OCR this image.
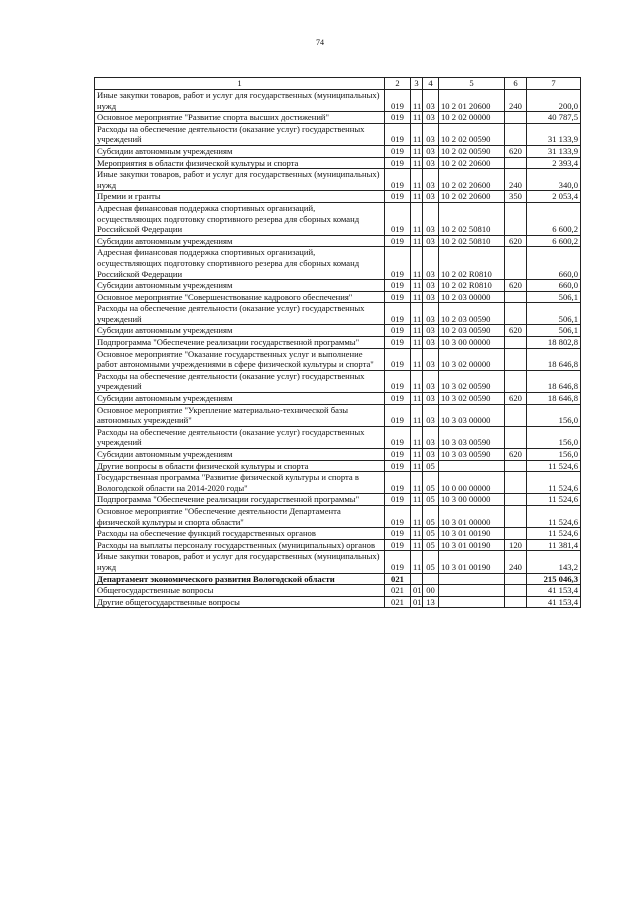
74
1	2	3	4	5	6	7
Иные закупки товаров, работ и услуг для государственных (муниципальных) нужд	019	11	03	10 2 01 20600	240	200,0
Основное мероприятие "Развитие спорта высших достижений"	019	11	03	10 2 02 00000		40 787,5
Расходы на обеспечение деятельности (оказание услуг) государственных учреждений	019	11	03	10 2 02 00590		31 133,9
Субсидии автономным учреждениям	019	11	03	10 2 02 00590	620	31 133,9
Мероприятия в области физической культуры и спорта	019	11	03	10 2 02 20600		2 393,4
Иные закупки товаров, работ и услуг для государственных (муниципальных) нужд	019	11	03	10 2 02 20600	240	340,0
Премии и гранты	019	11	03	10 2 02 20600	350	2 053,4
Адресная финансовая поддержка спортивных организаций, осуществляющих подготовку спортивного резерва для сборных команд Российской Федерации	019	11	03	10 2 02 50810		6 600,2
Субсидии автономным учреждениям	019	11	03	10 2 02 50810	620	6 600,2
Адресная финансовая поддержка спортивных организаций, осуществляющих подготовку спортивного резерва для сборных команд Российской Федерации	019	11	03	10 2 02 R0810		660,0
Субсидии автономным учреждениям	019	11	03	10 2 02 R0810	620	660,0
Основное мероприятие "Совершенствование кадрового обеспечения"	019	11	03	10 2 03 00000		506,1
Расходы на обеспечение деятельности (оказание услуг) государственных учреждений	019	11	03	10 2 03 00590		506,1
Субсидии автономным учреждениям	019	11	03	10 2 03 00590	620	506,1
Подпрограмма "Обеспечение реализации государственной программы"	019	11	03	10 3 00 00000		18 802,8
Основное мероприятие "Оказание государственных услуг и выполнение работ автономными учреждениями в сфере физической культуры и спорта"	019	11	03	10 3 02 00000		18 646,8
Расходы на обеспечение деятельности (оказание услуг) государственных учреждений	019	11	03	10 3 02 00590		18 646,8
Субсидии автономным учреждениям	019	11	03	10 3 02 00590	620	18 646,8
Основное мероприятие "Укрепление материально-технической базы автономных учреждений"	019	11	03	10 3 03 00000		156,0
Расходы на обеспечение деятельности (оказание услуг) государственных учреждений	019	11	03	10 3 03 00590		156,0
Субсидии автономным учреждениям	019	11	03	10 3 03 00590	620	156,0
Другие вопросы в области физической культуры и спорта	019	11	05			11 524,6
Государственная программа "Развитие физической культуры и спорта в Вологодской области на 2014-2020 годы"	019	11	05	10 0 00 00000		11 524,6
Подпрограмма "Обеспечение реализации государственной программы"	019	11	05	10 3 00 00000		11 524,6
Основное мероприятие "Обеспечение деятельности Департамента физической культуры и спорта области"	019	11	05	10 3 01 00000		11 524,6
Расходы на обеспечение функций государственных органов	019	11	05	10 3 01 00190		11 524,6
Расходы на выплаты персоналу государственных (муниципальных) органов	019	11	05	10 3 01 00190	120	11 381,4
Иные закупки товаров, работ и услуг для государственных (муниципальных) нужд	019	11	05	10 3 01 00190	240	143,2
Департамент экономического развития Вологодской области	021					215 046,3
Общегосударственные вопросы	021	01	00			41 153,4
Другие общегосударственные вопросы	021	01	13			41 153,4
